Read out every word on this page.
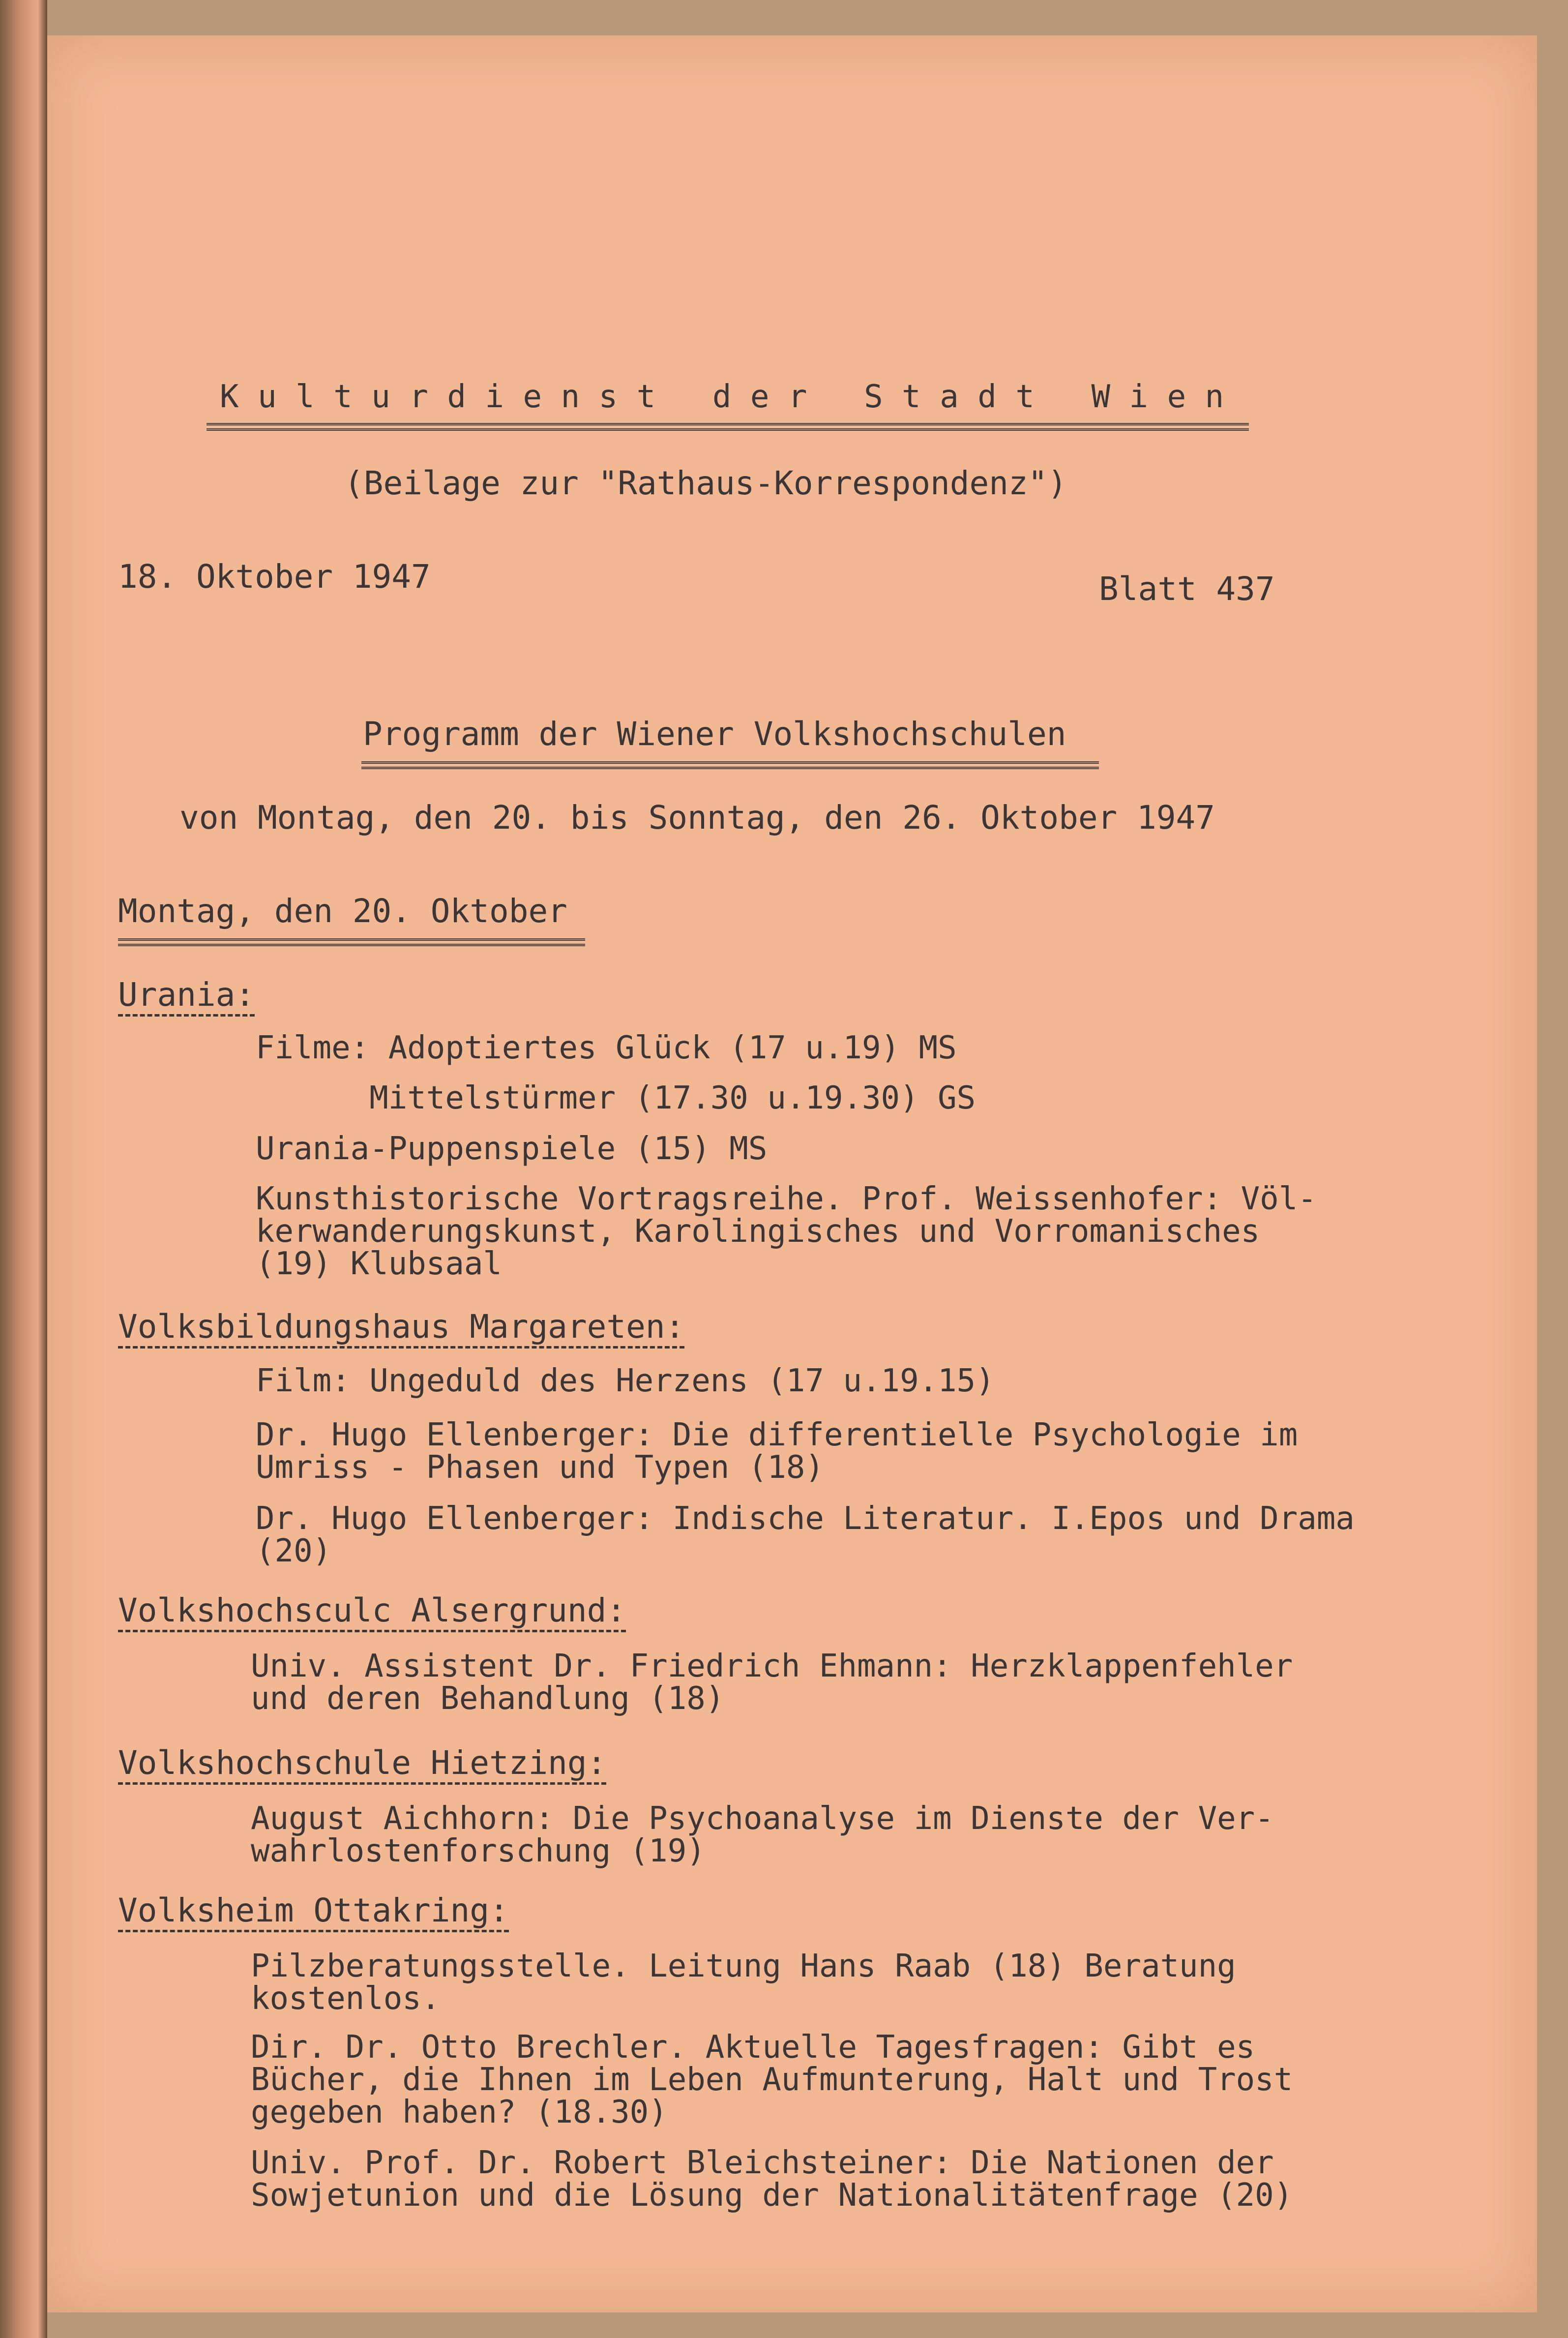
K u l t u r d i e n s t   d e r   S t a d t   W i e n
(Beilage zur "Rathaus-Korrespondenz")
18. Oktober 1947	Blatt 437
Programm der Wiener Volkshochschulen
von Montag, den 20. bis Sonntag, den 26. Oktober 1947
Montag, den 20. Oktober
Urania:
Filme: Adoptiertes Glück (17 u.19) MS
Mittelstürmer (17.30 u.19.30) GS
Urania-Puppenspiele (15) MS
Kunsthistorische Vortragsreihe. Prof. Weissenhofer: Völ-
kerwanderungskunst, Karolingisches und Vorromanisches
(19) Klubsaal
Volksbildungshaus Margareten:
Film: Ungeduld des Herzens (17 u.19.15)
Dr. Hugo Ellenberger: Die differentielle Psychologie im
Umriss - Phasen und Typen (18)
Dr. Hugo Ellenberger: Indische Literatur. I.Epos und Drama
(20)
Volkshochsculc Alsergrund:
Univ. Assistent Dr. Friedrich Ehmann: Herzklappenfehler
und deren Behandlung (18)
Volkshochschule Hietzing:
August Aichhorn: Die Psychoanalyse im Dienste der Ver-
wahrlostenforschung (19)
Volksheim Ottakring:
Pilzberatungsstelle. Leitung Hans Raab (18) Beratung
kostenlos.
Dir. Dr. Otto Brechler. Aktuelle Tagesfragen: Gibt es
Bücher, die Ihnen im Leben Aufmunterung, Halt und Trost
gegeben haben? (18.30)
Univ. Prof. Dr. Robert Bleichsteiner: Die Nationen der
Sowjetunion und die Lösung der Nationalitätenfrage (20)
